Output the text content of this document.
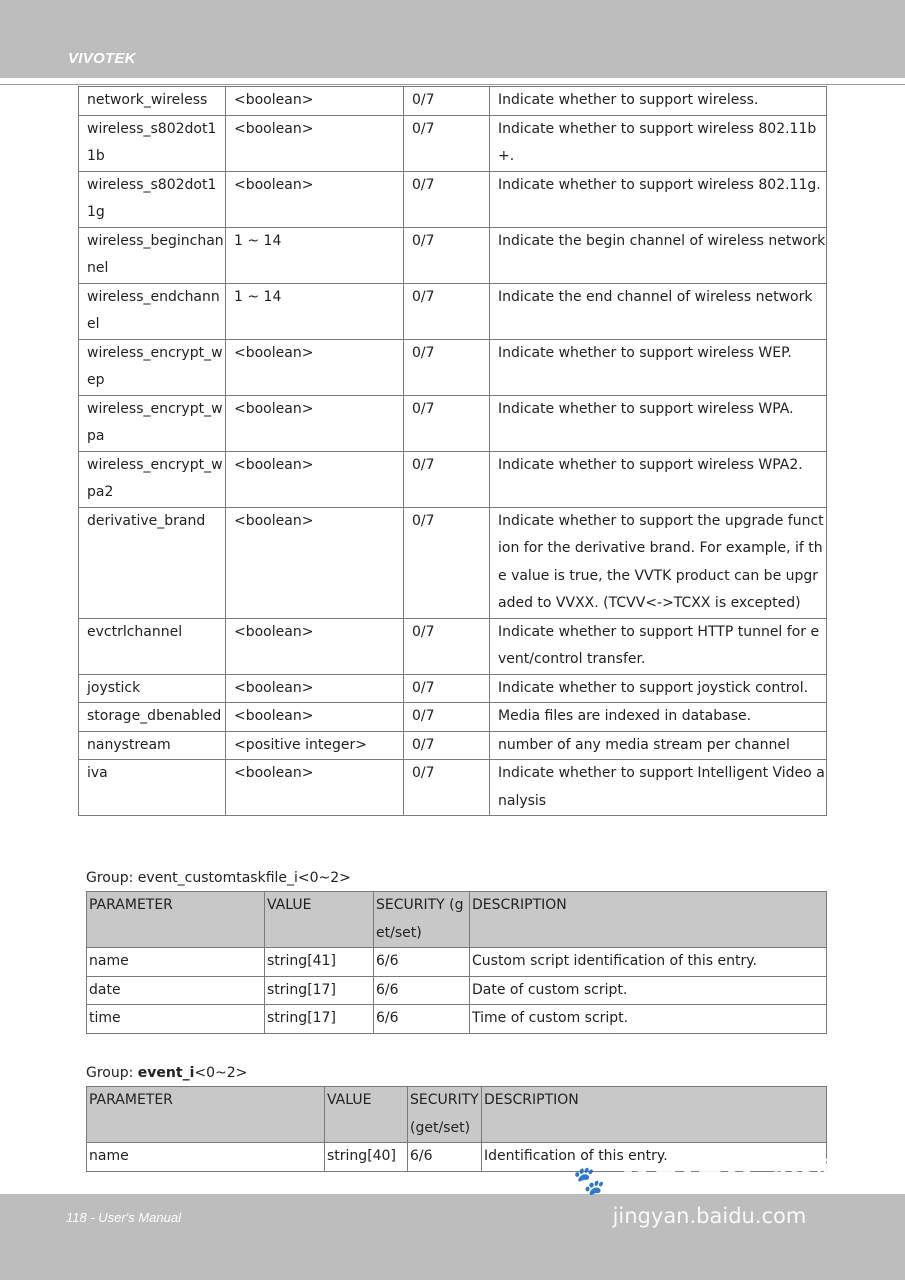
VIVOTEK
network_wireless	<boolean>	0/7	Indicate whether to support wireless.
wireless_s802dot11b	<boolean>	0/7	Indicate whether to support wireless 802.11b+.
wireless_s802dot11g	<boolean>	0/7	Indicate whether to support wireless 802.11g.
wireless_beginchannel	1 ~ 14	0/7	Indicate the begin channel of wireless network
wireless_endchannel	1 ~ 14	0/7	Indicate the end channel of wireless network
wireless_encrypt_wep	<boolean>	0/7	Indicate whether to support wireless WEP.
wireless_encrypt_wpa	<boolean>	0/7	Indicate whether to support wireless WPA.
wireless_encrypt_wpa2	<boolean>	0/7	Indicate whether to support wireless WPA2.
derivative_brand	<boolean>	0/7	Indicate whether to support the upgrade function for the derivative brand. For example, if the value is true, the VVTK product can be upgraded to VVXX. (TCVV<->TCXX is excepted)
evctrlchannel	<boolean>	0/7	Indicate whether to support HTTP tunnel for event/control transfer.
joystick	<boolean>	0/7	Indicate whether to support joystick control.
storage_dbenabled	<boolean>	0/7	Media files are indexed in database.
nanystream	<positive integer>	0/7	number of any media stream per channel
iva	<boolean>	0/7	Indicate whether to support Intelligent Video analysis
Group: event_customtaskfile_i<0~2>
PARAMETER	VALUE	SECURITY (get/set)	DESCRIPTION
name	string[41]	6/6	Custom script identification of this entry.
date	string[17]	6/6	Date of custom script.
time	string[17]	6/6	Time of custom script.
Group: event_i<0~2>
PARAMETER	VALUE	SECURITY (get/set)	DESCRIPTION
name	string[40]	6/6	Identification of this entry.
118 - User's Manual
🐾 Baidu 经验
jingyan.baidu.com
